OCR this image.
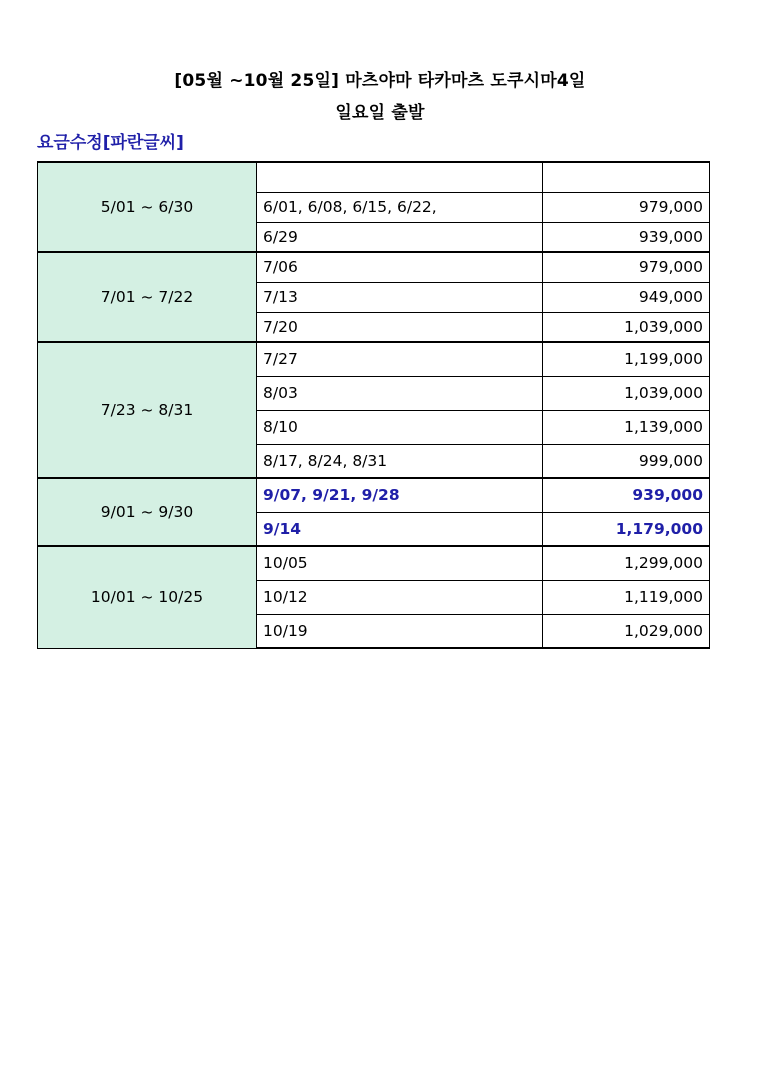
[05월 ~10월 25일] 마츠야마 타카마츠 도쿠시마4일
일요일 출발
요금수정[파란글씨]
5/01 ~ 6/30		
	6/01, 6/08, 6/15, 6/22,	979,000
	6/29	939,000
7/01 ~ 7/22	7/06	979,000
	7/13	949,000
	7/20	1,039,000
7/23 ~ 8/31	7/27	1,199,000
	8/03	1,039,000
	8/10	1,139,000
	8/17, 8/24, 8/31	999,000
9/01 ~ 9/30	9/07, 9/21, 9/28	939,000
	9/14	1,179,000
10/01 ~ 10/25	10/05	1,299,000
	10/12	1,119,000
	10/19	1,029,000
